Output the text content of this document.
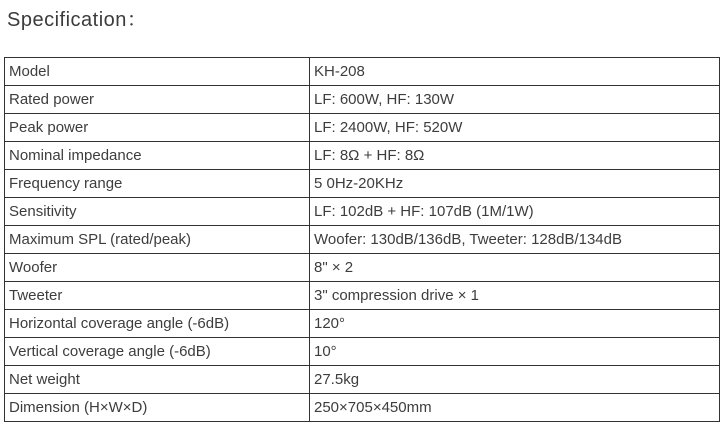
Specification：
Model	KH-208
Rated power	LF: 600W, HF: 130W
Peak power	LF: 2400W, HF: 520W
Nominal impedance	LF: 8Ω + HF: 8Ω
Frequency range	5 0Hz-20KHz
Sensitivity	LF: 102dB + HF: 107dB (1M/1W)
Maximum SPL (rated/peak)	Woofer: 130dB/136dB, Tweeter: 128dB/134dB
Woofer	8" × 2
Tweeter	3" compression drive × 1
Horizontal coverage angle (-6dB)	120°
Vertical coverage angle (-6dB)	10°
Net weight	27.5kg
Dimension (H×W×D)	250×705×450mm
